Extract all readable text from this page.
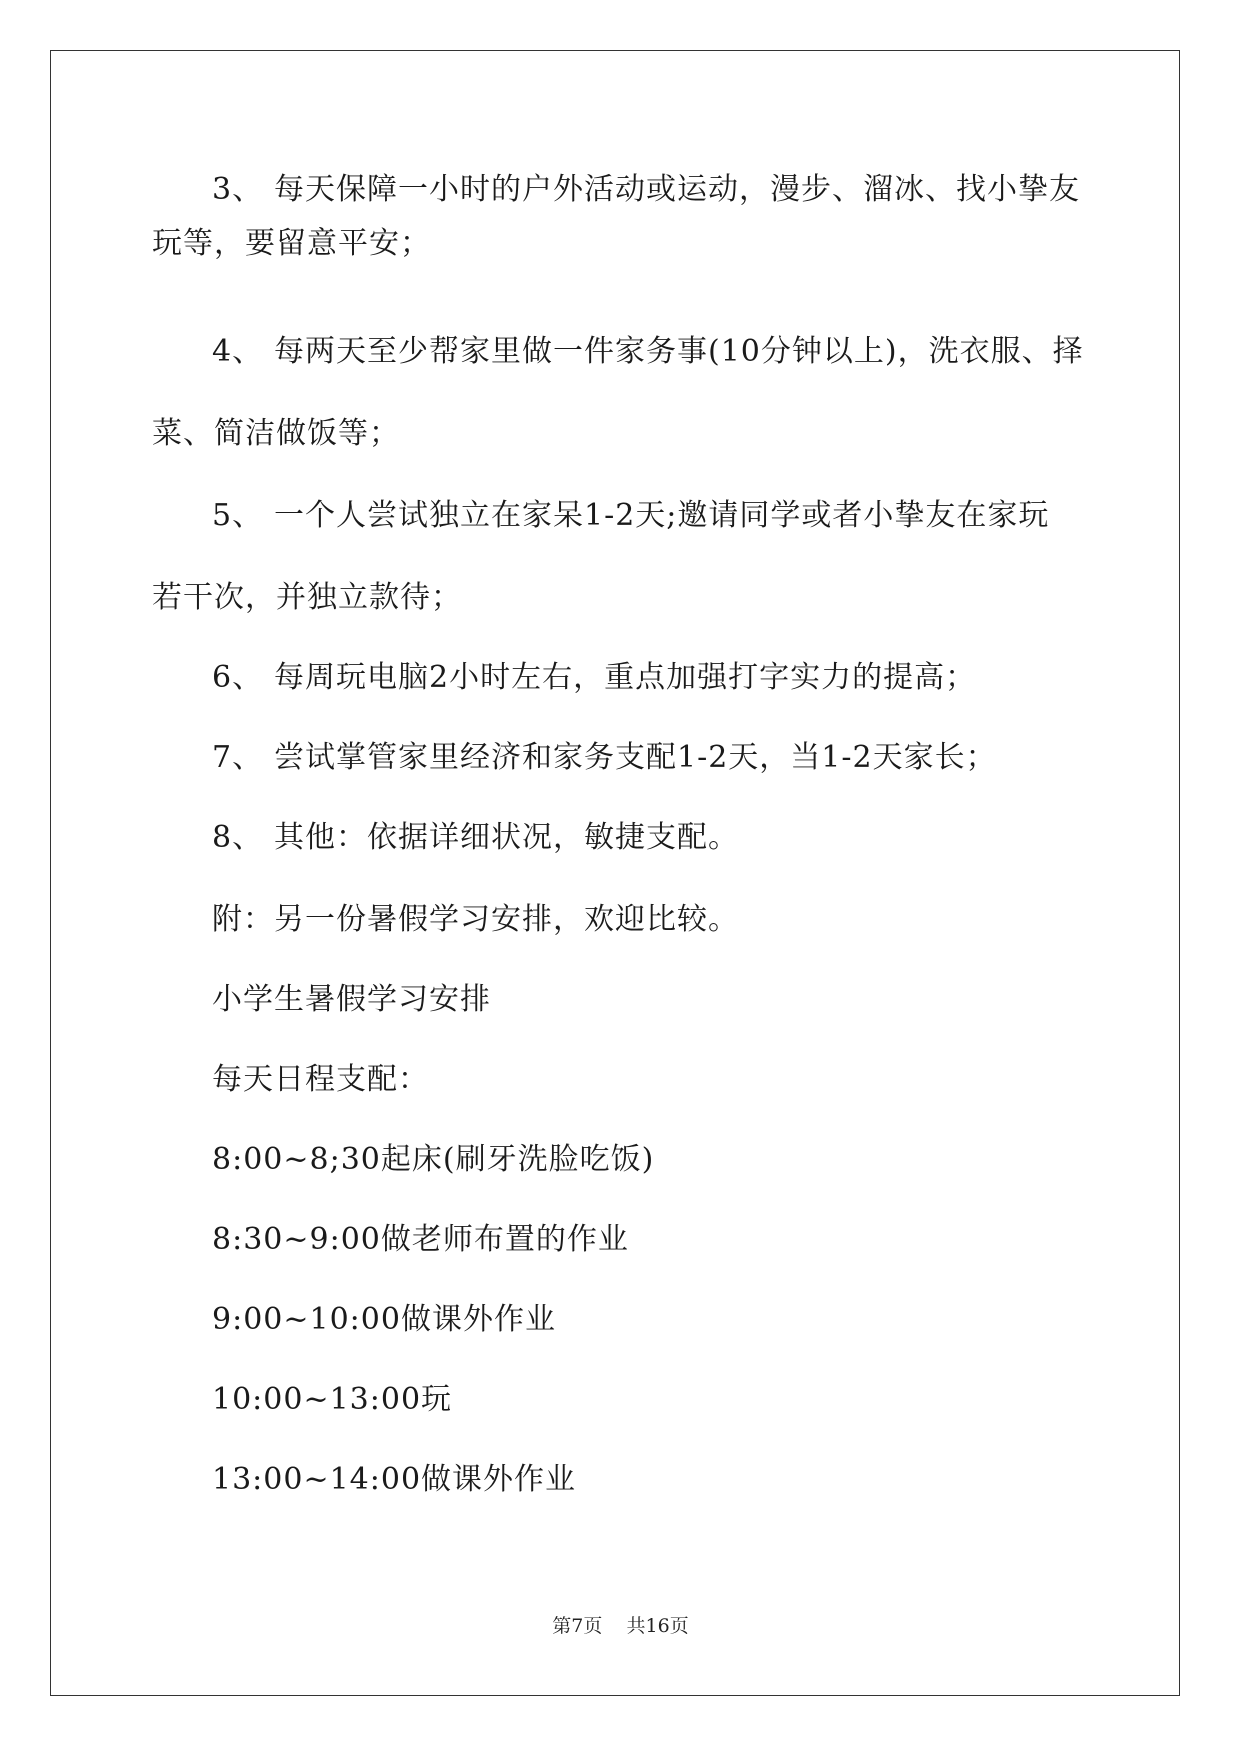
3、 每天保障一小时的户外活动或运动，漫步、溜冰、找小挚友
玩等，要留意平安；
4、 每两天至少帮家里做一件家务事(10分钟以上)，洗衣服、择
菜、简洁做饭等；
5、 一个人尝试独立在家呆1-2天;邀请同学或者小挚友在家玩
若干次，并独立款待；
6、 每周玩电脑2小时左右，重点加强打字实力的提高；
7、 尝试掌管家里经济和家务支配1-2天，当1-2天家长；
8、 其他：依据详细状况，敏捷支配。
附：另一份暑假学习安排，欢迎比较。
小学生暑假学习安排
每天日程支配：
8:00~8;30起床(刷牙洗脸吃饭)
8:30~9:00做老师布置的作业
9:00~10:00做课外作业
10:00~13:00玩
13:00~14:00做课外作业
第7页 共16页
